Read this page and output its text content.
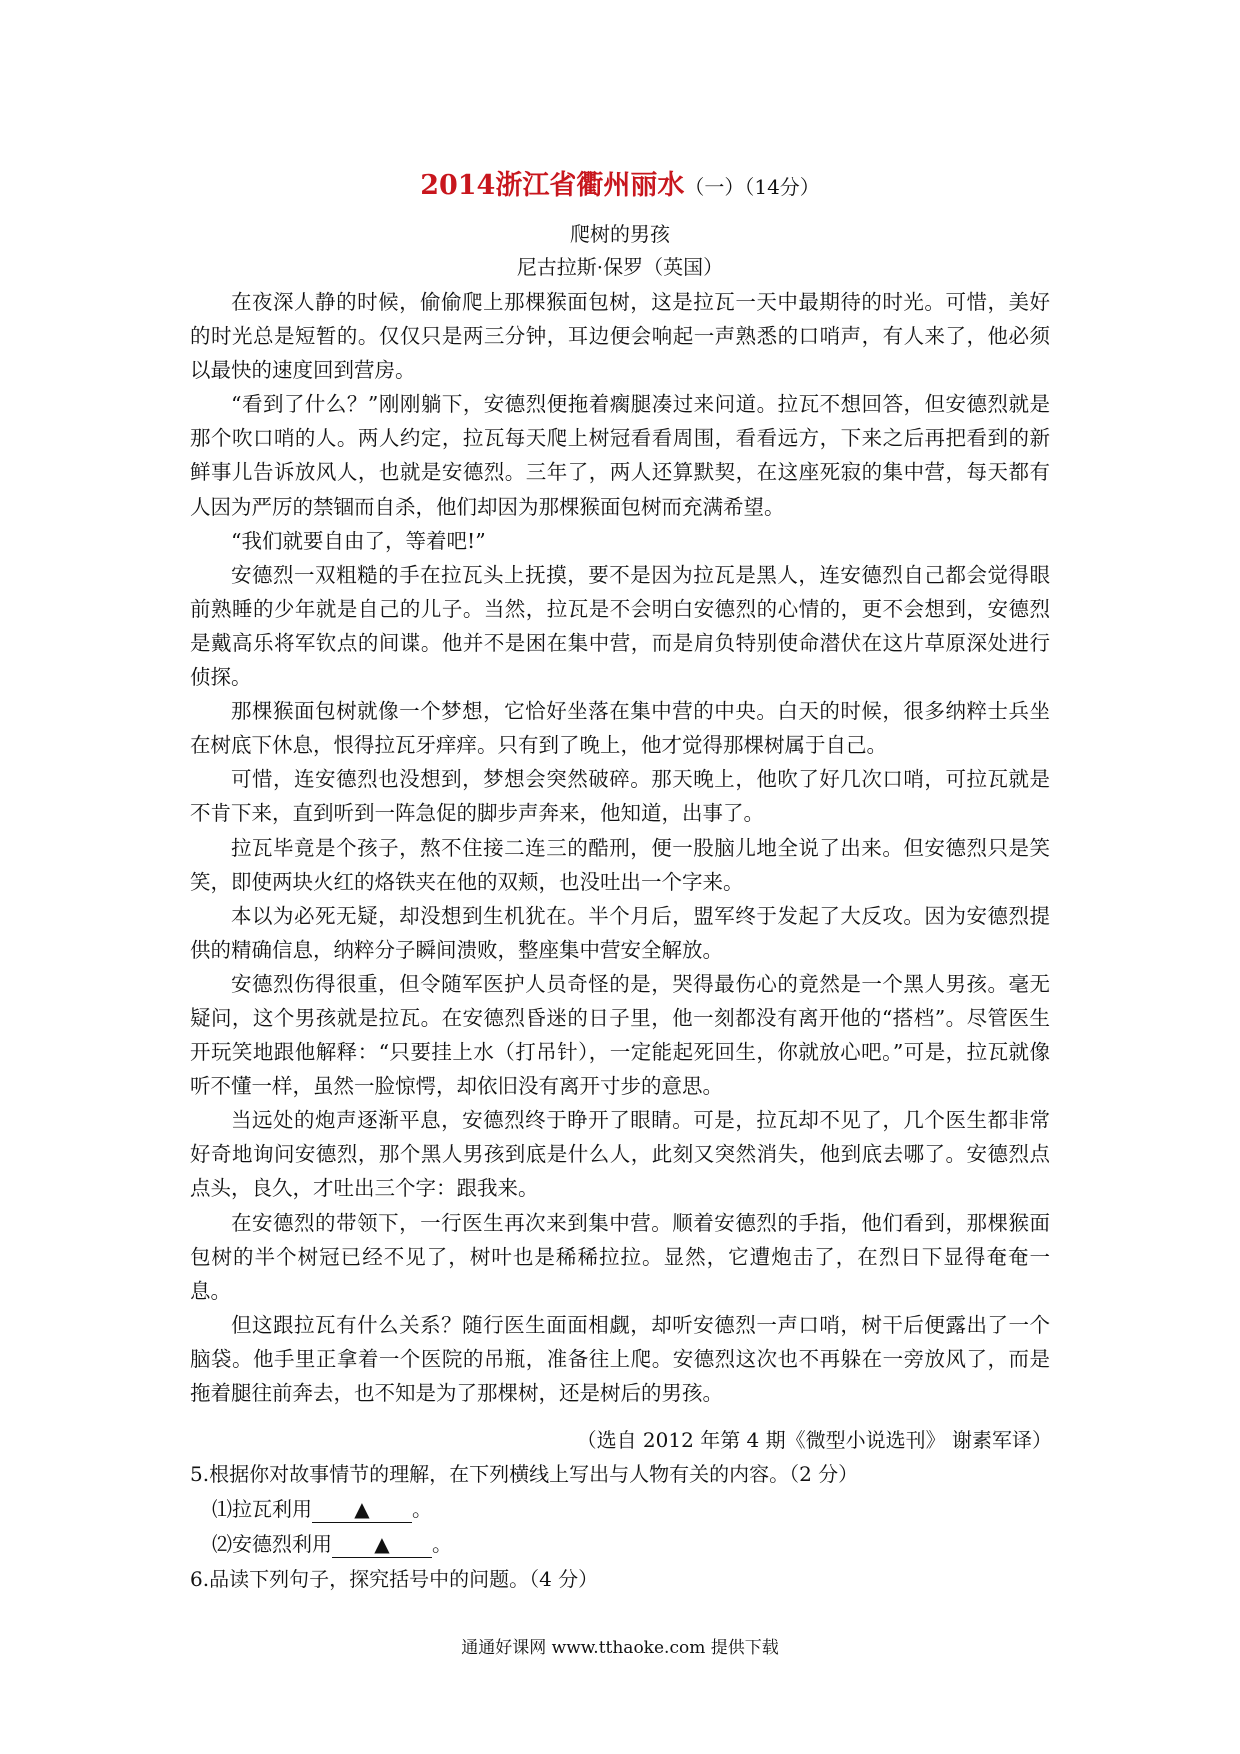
2014浙江省衢州丽水（一）（14分）
爬树的男孩
尼古拉斯·保罗（英国）

在夜深人静的时候，偷偷爬上那棵猴面包树，这是拉瓦一天中最期待的时光。可惜，美好的时光总是短暂的。仅仅只是两三分钟，耳边便会响起一声熟悉的口哨声，有人来了，他必须以最快的速度回到营房。

“看到了什么？”刚刚躺下，安德烈便拖着瘸腿凑过来问道。拉瓦不想回答，但安德烈就是那个吹口哨的人。两人约定，拉瓦每天爬上树冠看看周围，看看远方，下来之后再把看到的新鲜事儿告诉放风人，也就是安德烈。三年了，两人还算默契，在这座死寂的集中营，每天都有人因为严厉的禁锢而自杀，他们却因为那棵猴面包树而充满希望。

“我们就要自由了，等着吧!”

安德烈一双粗糙的手在拉瓦头上抚摸，要不是因为拉瓦是黑人，连安德烈自己都会觉得眼前熟睡的少年就是自己的儿子。当然，拉瓦是不会明白安德烈的心情的，更不会想到，安德烈是戴高乐将军钦点的间谍。他并不是困在集中营，而是肩负特别使命潜伏在这片草原深处进行侦探。

那棵猴面包树就像一个梦想，它恰好坐落在集中营的中央。白天的时候，很多纳粹士兵坐在树底下休息，恨得拉瓦牙痒痒。只有到了晚上，他才觉得那棵树属于自己。

可惜，连安德烈也没想到，梦想会突然破碎。那天晚上，他吹了好几次口哨，可拉瓦就是不肯下来，直到听到一阵急促的脚步声奔来，他知道，出事了。

拉瓦毕竟是个孩子，熬不住接二连三的酷刑，便一股脑儿地全说了出来。但安德烈只是笑笑，即使两块火红的烙铁夹在他的双颊，也没吐出一个字来。

本以为必死无疑，却没想到生机犹在。半个月后，盟军终于发起了大反攻。因为安德烈提供的精确信息，纳粹分子瞬间溃败，整座集中营安全解放。

安德烈伤得很重，但令随军医护人员奇怪的是，哭得最伤心的竟然是一个黑人男孩。毫无疑问，这个男孩就是拉瓦。在安德烈昏迷的日子里，他一刻都没有离开他的“搭档”。尽管医生开玩笑地跟他解释：“只要挂上水（打吊针），一定能起死回生，你就放心吧。”可是，拉瓦就像听不懂一样，虽然一脸惊愕，却依旧没有离开寸步的意思。

当远处的炮声逐渐平息，安德烈终于睁开了眼睛。可是，拉瓦却不见了，几个医生都非常好奇地询问安德烈，那个黑人男孩到底是什么人，此刻又突然消失，他到底去哪了。安德烈点点头，良久，才吐出三个字：跟我来。

在安德烈的带领下，一行医生再次来到集中营。顺着安德烈的手指，他们看到，那棵猴面包树的半个树冠已经不见了，树叶也是稀稀拉拉。显然，它遭炮击了，在烈日下显得奄奄一息。

但这跟拉瓦有什么关系？随行医生面面相觑，却听安德烈一声口哨，树干后便露出了一个脑袋。他手里正拿着一个医院的吊瓶，准备往上爬。安德烈这次也不再躲在一旁放风了，而是拖着腿往前奔去，也不知是为了那棵树，还是树后的男孩。

（选自 2012 年第 4 期《微型小说选刊》 谢素军译）

5.根据你对故事情节的理解，在下列横线上写出与人物有关的内容。（2 分）

⑴拉瓦利用 ▲ 。

⑵安德烈利用 ▲ 。

6.品读下列句子，探究括号中的问题。（4 分）

通通好课网 www.tthaoke.com 提供下载
